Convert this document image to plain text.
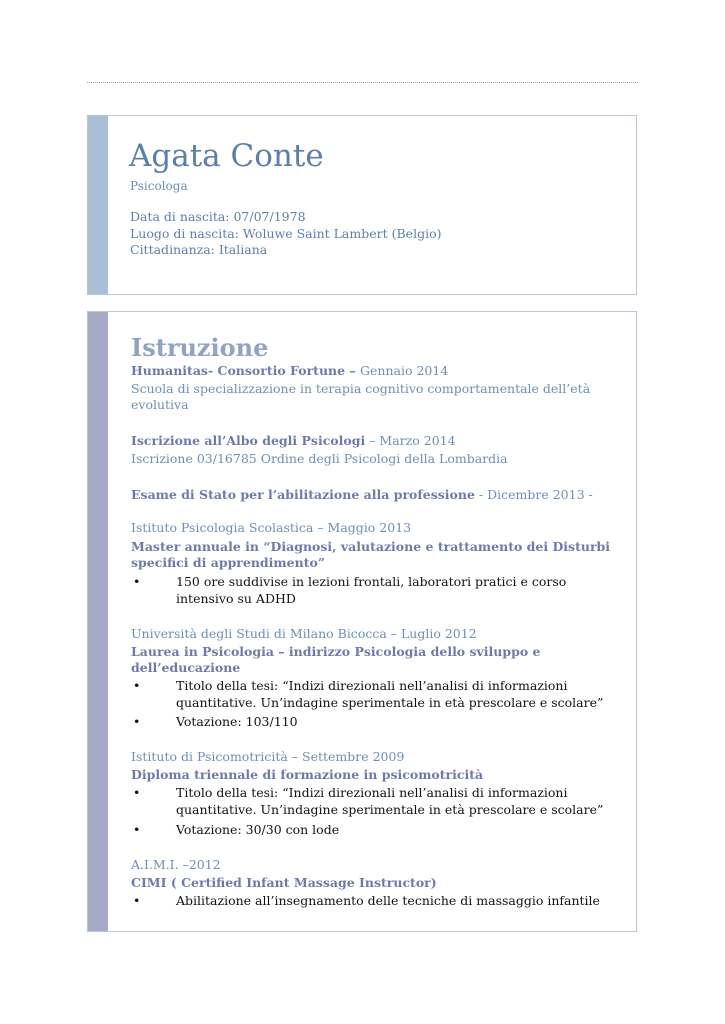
Agata Conte
Psicologa
Data di nascita: 07/07/1978
Luogo di nascita: Woluwe Saint Lambert (Belgio)
Cittadinanza: Italiana
Istruzione
Humanitas- Consortio Fortune – Gennaio 2014
Scuola di specializzazione in terapia cognitivo comportamentale dell’età evolutiva
Iscrizione all’Albo degli Psicologi – Marzo 2014
Iscrizione 03/16785 Ordine degli Psicologi della Lombardia
Esame di Stato per l’abilitazione alla professione - Dicembre 2013 -
Istituto Psicologia Scolastica – Maggio 2013
Master annuale in “Diagnosi, valutazione e trattamento dei Disturbi specifici di apprendimento”
•	150 ore suddivise in lezioni frontali, laboratori pratici e corso intensivo su ADHD
Università degli Studi di Milano Bicocca – Luglio 2012
Laurea in Psicologia – indirizzo Psicologia dello sviluppo e dell’educazione
•	Titolo della tesi: “Indizi direzionali nell’analisi di informazioni quantitative. Un’indagine sperimentale in età prescolare e scolare”
•	Votazione: 103/110
Istituto di Psicomotricità – Settembre 2009
Diploma triennale di formazione in psicomotricità
•	Titolo della tesi: “Indizi direzionali nell’analisi di informazioni quantitative. Un’indagine sperimentale in età prescolare e scolare”
•	Votazione: 30/30 con lode
A.I.M.I. –2012
CIMI ( Certified Infant Massage Instructor)
•	Abilitazione all’insegnamento delle tecniche di massaggio infantile
